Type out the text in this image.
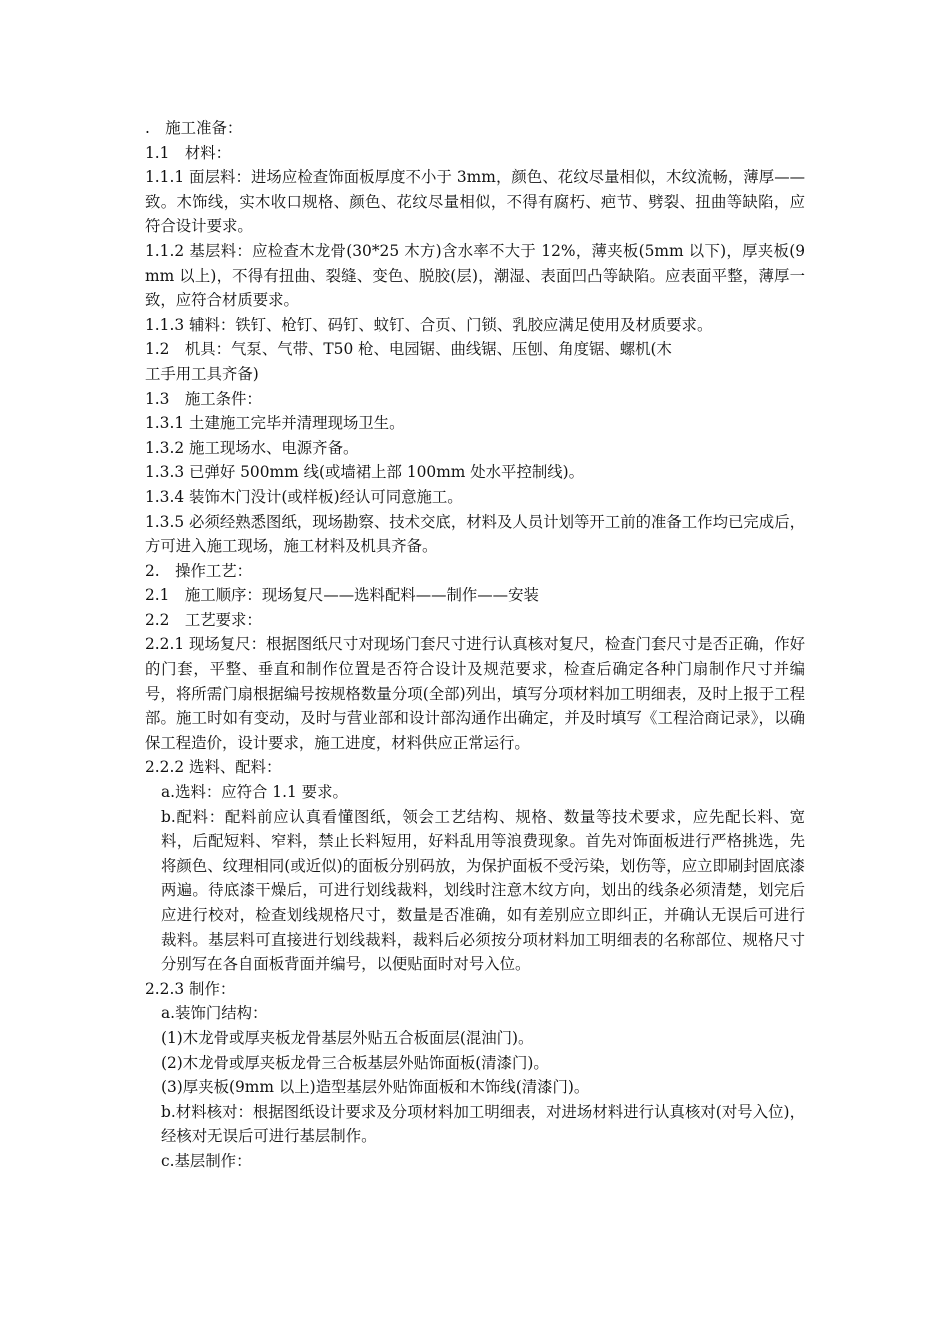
.　施工准备：

1.1　材料：

1.1.1 面层料：进场应检查饰面板厚度不小于 3mm，颜色、花纹尽量相似，木纹流畅，薄厚——致。木饰线，实木收口规格、颜色、花纹尽量相似，不得有腐朽、疤节、劈裂、扭曲等缺陷，应符合设计要求。

1.1.2 基层料：应检查木龙骨(30*25 木方)含水率不大于 12%，薄夹板(5mm 以下)，厚夹板(9mm 以上)，不得有扭曲、裂缝、变色、脱胶(层)，潮湿、表面凹凸等缺陷。应表面平整，薄厚一致，应符合材质要求。

1.1.3 辅料：铁钉、枪钉、码钉、蚊钉、合页、门锁、乳胶应满足使用及材质要求。

1.2　机具：气泵、气带、T50 枪、电园锯、曲线锯、压刨、角度锯、螺机(木

工手用工具齐备)

1.3　施工条件：

1.3.1 土建施工完毕并清理现场卫生。

1.3.2 施工现场水、电源齐备。

1.3.3 已弹好 500mm 线(或墙裙上部 100mm 处水平控制线)。

1.3.4 装饰木门没计(或样板)经认可同意施工。

1.3.5 必须经熟悉图纸，现场勘察、技术交底，材料及人员计划等开工前的准备工作均已完成后，方可进入施工现场，施工材料及机具齐备。

2.　操作工艺：

2.1　施工顺序：现场复尺——选料配料——制作——安装

2.2　工艺要求：

2.2.1 现场复尺：根据图纸尺寸对现场门套尺寸进行认真核对复尺，检查门套尺寸是否正确，作好的门套，平整、垂直和制作位置是否符合设计及规范要求，检查后确定各种门扇制作尺寸并编号，将所需门扇根据编号按规格数量分项(全部)列出，填写分项材料加工明细表，及时上报于工程部。施工时如有变动，及时与营业部和设计部沟通作出确定，并及时填写《工程洽商记录》，以确保工程造价，设计要求，施工进度，材料供应正常运行。

2.2.2 选料、配料：

a.选料：应符合 1.1 要求。

b.配料：配料前应认真看懂图纸，领会工艺结构、规格、数量等技术要求，应先配长料、宽料，后配短料、窄料，禁止长料短用，好料乱用等浪费现象。首先对饰面板进行严格挑选，先将颜色、纹理相同(或近似)的面板分别码放，为保护面板不受污染，划伤等，应立即刷封固底漆两遍。待底漆干燥后，可进行划线裁料，划线时注意木纹方向，划出的线条必须清楚，划完后应进行校对，检查划线规格尺寸，数量是否准确，如有差别应立即纠正，并确认无误后可进行裁料。基层料可直接进行划线裁料，裁料后必须按分项材料加工明细表的名称部位、规格尺寸分别写在各自面板背面并编号，以便贴面时对号入位。

2.2.3 制作：

a.装饰门结构：

(1)木龙骨或厚夹板龙骨基层外贴五合板面层(混油门)。

(2)木龙骨或厚夹板龙骨三合板基层外贴饰面板(清漆门)。

(3)厚夹板(9mm 以上)造型基层外贴饰面板和木饰线(清漆门)。

b.材料核对：根据图纸设计要求及分项材料加工明细表，对进场材料进行认真核对(对号入位)，经核对无误后可进行基层制作。

c.基层制作：
